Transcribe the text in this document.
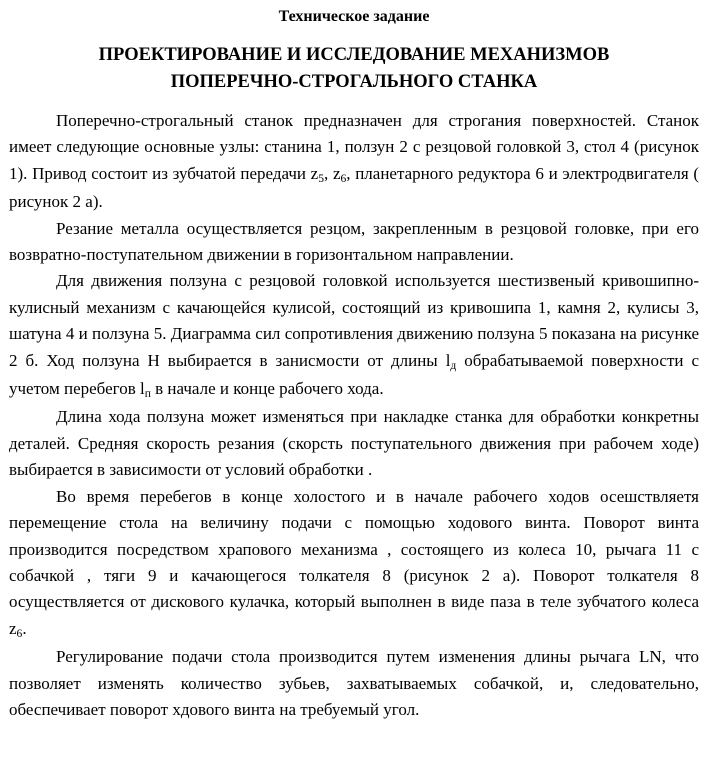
Техническое задание
ПРОЕКТИРОВАНИЕ И ИССЛЕДОВАНИЕ МЕХАНИЗМОВ
ПОПЕРЕЧНО-СТРОГАЛЬНОГО СТАНКА

Поперечно-строгальный станок предназначен для строгания поверхностей. Станок имеет следующие основные узлы: станина 1, ползун 2 с резцовой головкой 3, стол 4 (рисунок 1). Привод состоит из зубчатой передачи z5, z6, планетарного редуктора 6 и электродвигателя ( рисунок 2 а).

Резание металла осуществляется резцом, закрепленным в резцовой головке, при его возвратно-поступательном движении в горизонтальном направлении.

Для движения ползуна с резцовой головкой используется шестизвеный кривошипно-кулисный механизм с качающейся кулисой, состоящий из кривошипа 1, камня 2, кулисы 3, шатуна 4 и ползуна 5. Диаграмма сил сопротивления движению ползуна 5 показана на рисунке 2 б. Ход ползуна Н выбирается в занисмости от длины lд обрабатываемой поверхности с учетом перебегов lп в начале и конце рабочего хода.

Длина хода ползуна может изменяться при накладке станка для обработки конкретны деталей. Средняя скорость резания (скорсть поступательного движения при рабочем ходе) выбирается в зависимости от условий обработки .

Во время перебегов в конце холостого и в начале рабочего ходов осешствляетя перемещение стола на величину подачи с помощью ходового винта. Поворот винта производится посредством храпового механизма , состоящего из колеса 10, рычага 11 с собачкой , тяги 9 и качающегося толкателя 8 (рисунок 2 а). Поворот толкателя 8 осуществляется от дискового кулачка, который выполнен в виде паза в теле зубчатого колеса z6.

Регулирование подачи стола производится путем изменения длины рычага LN, что позволяет изменять количество зубьев, захватываемых собачкой, и, следовательно, обеспечивает поворот хдового винта на требуемый угол.
